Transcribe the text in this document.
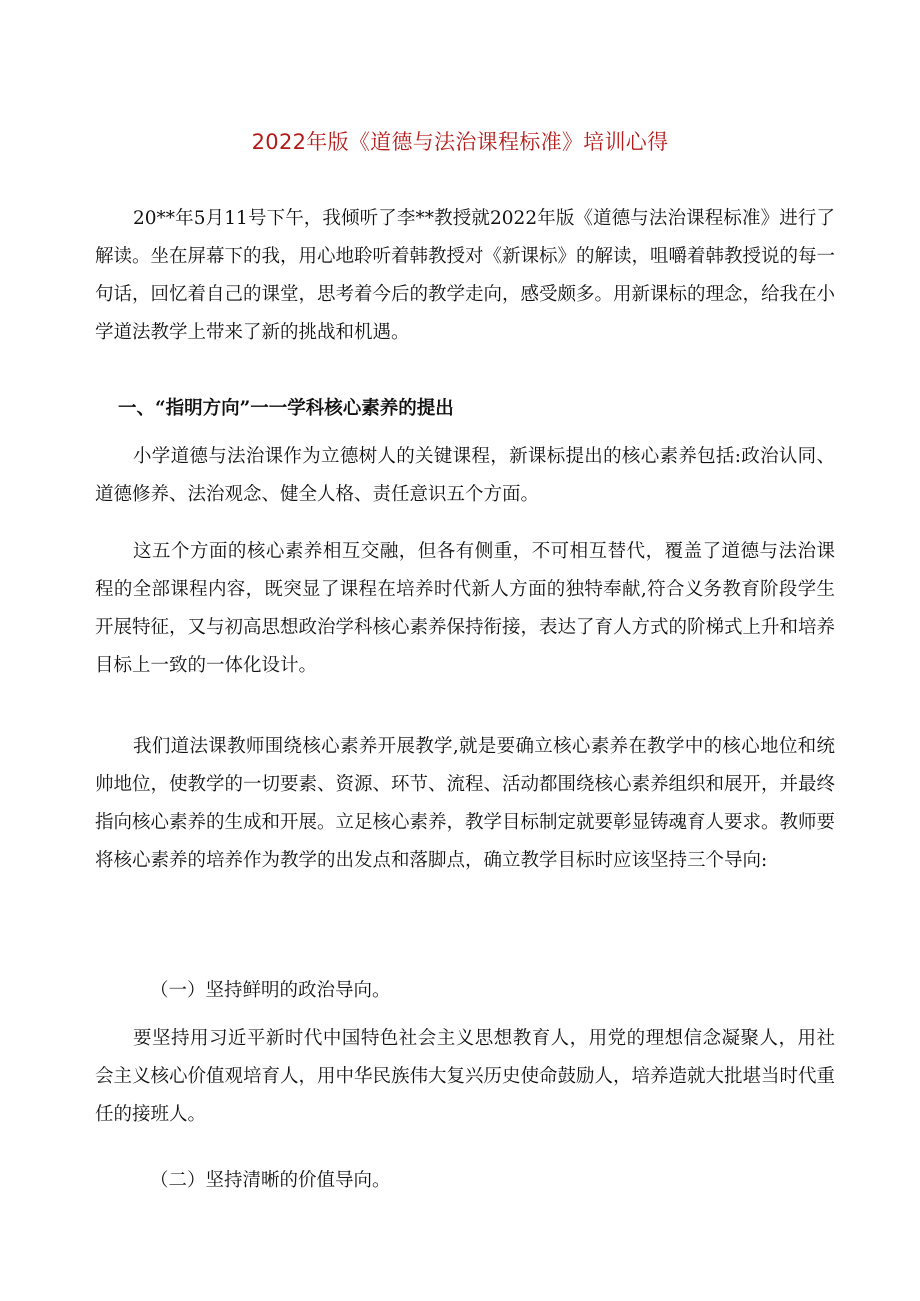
2022年版《道德与法治课程标准》培训心得

20**年5月11号下午，我倾听了李**教授就2022年版《道德与法治课程标准》进行了解读。坐在屏幕下的我，用心地聆听着韩教授对《新课标》的解读，咀嚼着韩教授说的每一句话，回忆着自己的课堂，思考着今后的教学走向，感受颇多。用新课标的理念，给我在小学道法教学上带来了新的挑战和机遇。

一、“指明方向”一一学科核心素养的提出

小学道德与法治课作为立德树人的关键课程，新课标提出的核心素养包括:政治认同、道德修养、法治观念、健全人格、责任意识五个方面。

这五个方面的核心素养相互交融，但各有侧重，不可相互替代，覆盖了道德与法治课程的全部课程内容，既突显了课程在培养时代新人方面的独特奉献,符合义务教育阶段学生开展特征，又与初高思想政治学科核心素养保持衔接，表达了育人方式的阶梯式上升和培养目标上一致的一体化设计。

我们道法课教师围绕核心素养开展教学,就是要确立核心素养在教学中的核心地位和统帅地位，使教学的一切要素、资源、环节、流程、活动都围绕核心素养组织和展开，并最终指向核心素养的生成和开展。立足核心素养，教学目标制定就要彰显铸魂育人要求。教师要将核心素养的培养作为教学的出发点和落脚点，确立教学目标时应该坚持三个导向:

（一）坚持鲜明的政治导向。

要坚持用习近平新时代中国特色社会主义思想教育人，用党的理想信念凝聚人，用社会主义核心价值观培育人，用中华民族伟大复兴历史使命鼓励人，培养造就大批堪当时代重任的接班人。

（二）坚持清晰的价值导向。
